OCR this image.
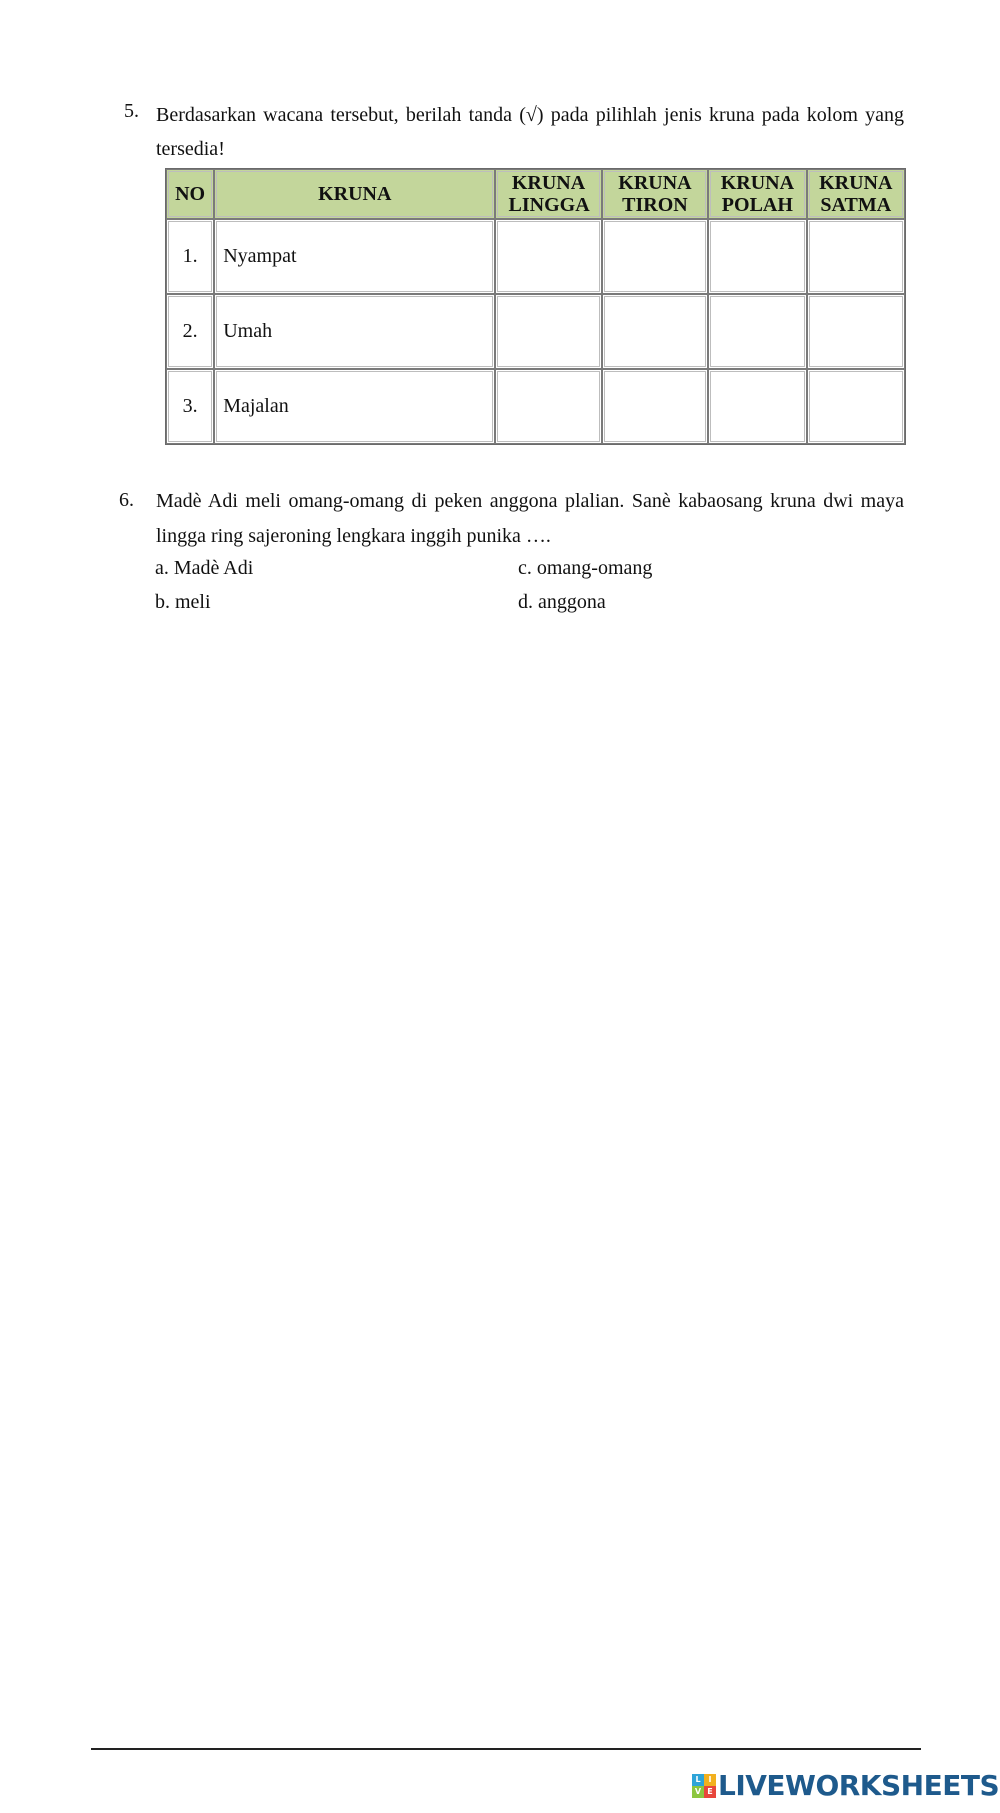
5. Berdasarkan wacana tersebut, berilah tanda (√) pada pilihlah jenis kruna pada kolom yang tersedia!
NO	KRUNA	KRUNA LINGGA	KRUNA TIRON	KRUNA POLAH	KRUNA SATMA

1.	Nyampat				
2.	Umah				
3.	Majalan				
6. Madè Adi meli omang-omang di peken anggona plalian. Sanè kabaosang kruna dwi maya lingga ring sajeroning lengkara inggih punika ….
a. Madè Adi
b. meli
c. omang-omang
d. anggona
L I
V E LIVEWORKSHEETS
